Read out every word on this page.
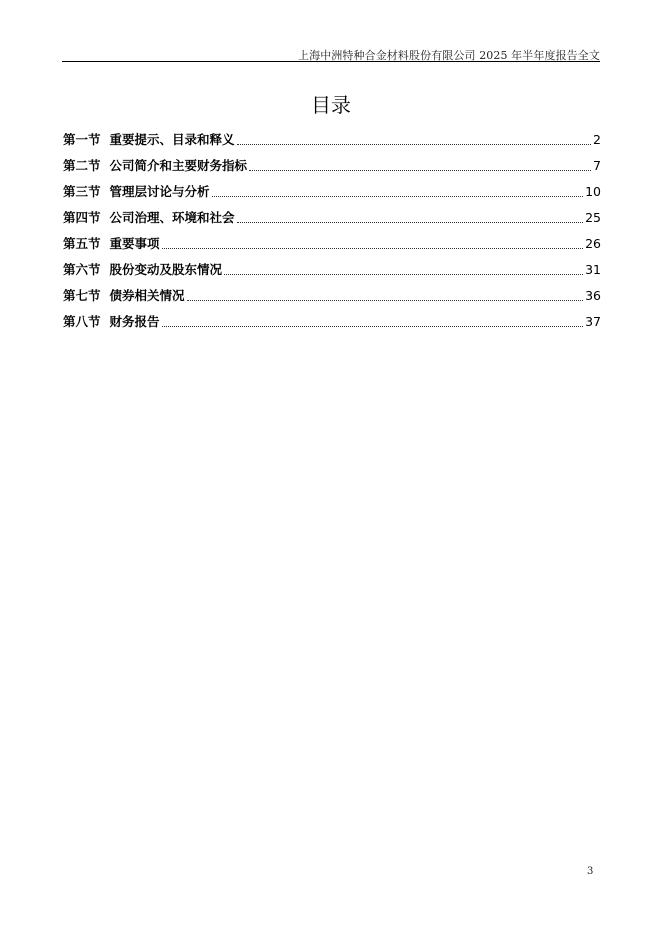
上海中洲特种合金材料股份有限公司 2025 年半年度报告全文
目录
第一节 重要提示、目录和释义	2
第二节 公司简介和主要财务指标	7
第三节 管理层讨论与分析	10
第四节 公司治理、环境和社会	25
第五节 重要事项	26
第六节 股份变动及股东情况	31
第七节 债券相关情况	36
第八节 财务报告	37
3
